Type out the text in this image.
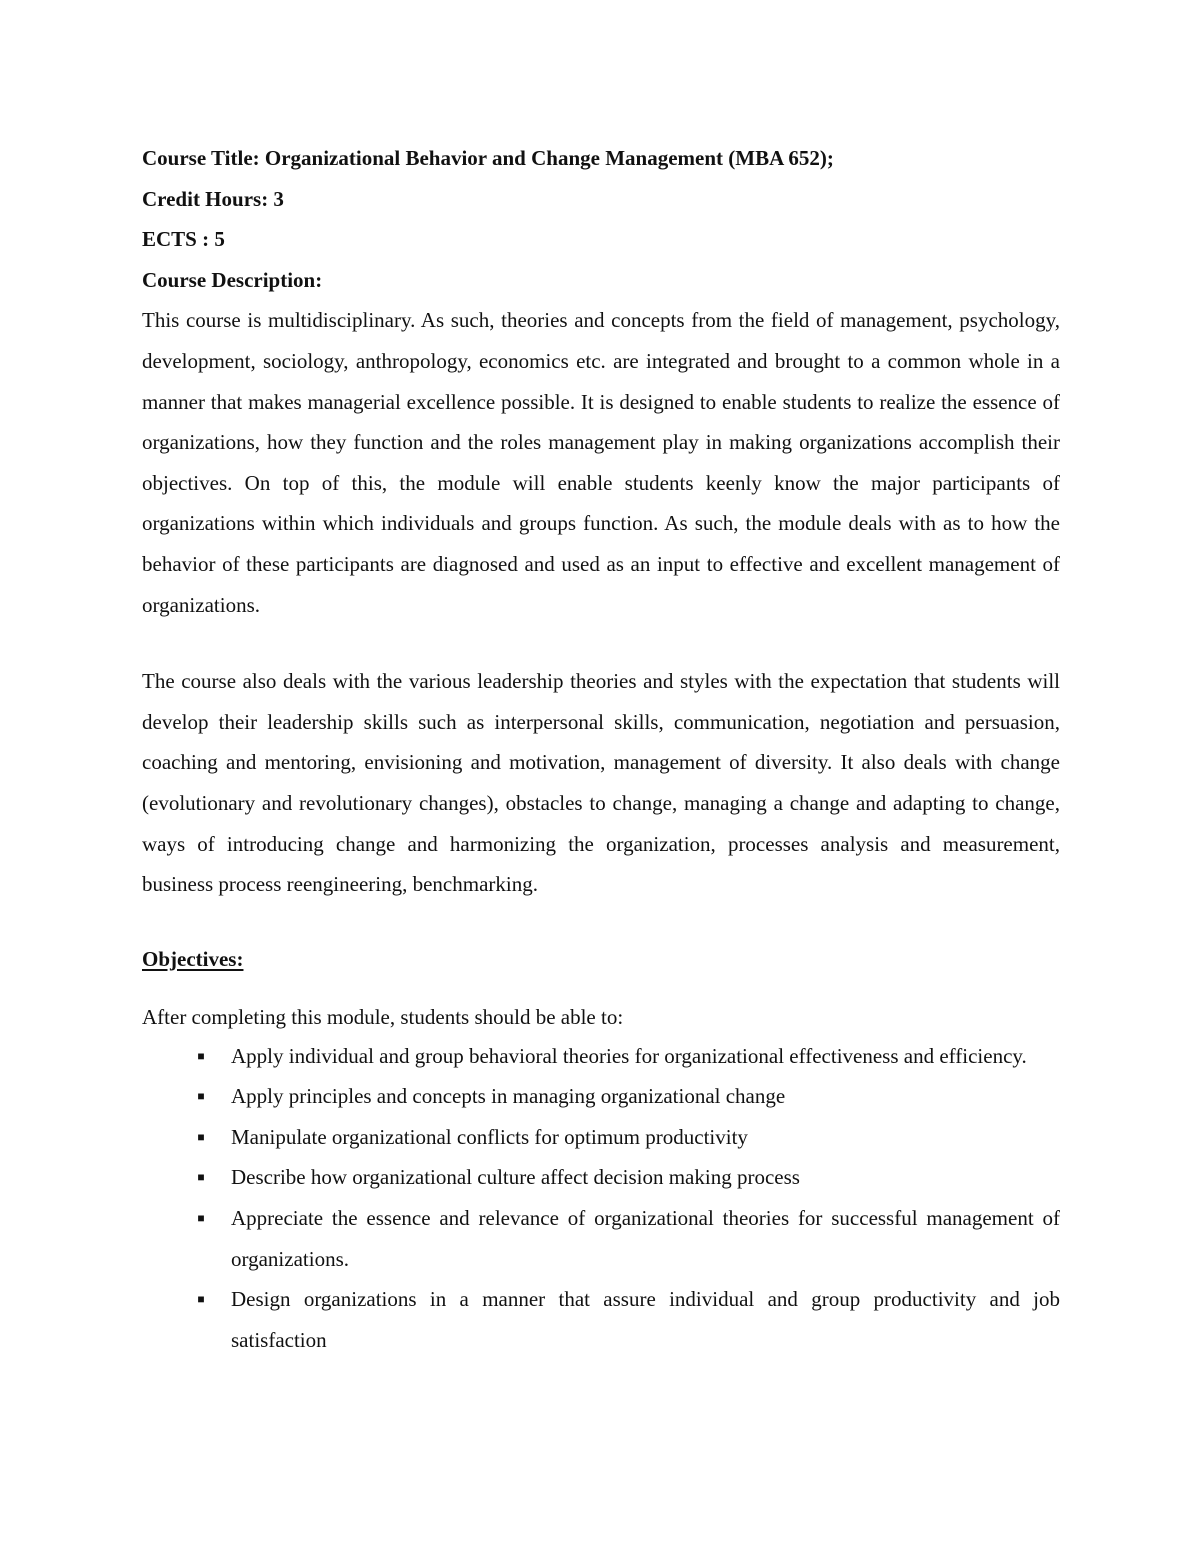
Course Title: Organizational Behavior and Change Management (MBA 652);

Credit Hours: 3

ECTS : 5

Course Description:

This course is multidisciplinary. As such, theories and concepts from the field of management, psychology, development, sociology, anthropology, economics etc. are integrated and brought to a common whole in a manner that makes managerial excellence possible. It is designed to enable students to realize the essence of organizations, how they function and the roles management play in making organizations accomplish their objectives. On top of this, the module will enable students keenly know the major participants of organizations within which individuals and groups function. As such, the module deals with as to how the behavior of these participants are diagnosed and used as an input to effective and excellent management of organizations.

The course also deals with the various leadership theories and styles with the expectation that students will develop their leadership skills such as interpersonal skills, communication, negotiation and persuasion, coaching and mentoring, envisioning and motivation, management of diversity. It also deals with change (evolutionary and revolutionary changes), obstacles to change, managing a change and adapting to change, ways of introducing change and harmonizing the organization, processes analysis and measurement, business process reengineering, benchmarking.

Objectives:

After completing this module, students should be able to:

■ Apply individual and group behavioral theories for organizational effectiveness and efficiency.
■ Apply principles and concepts in managing organizational change
■ Manipulate organizational conflicts for optimum productivity
■ Describe how organizational culture affect decision making process
■ Appreciate the essence and relevance of organizational theories for successful management of organizations.
■ Design organizations in a manner that assure individual and group productivity and job satisfaction
